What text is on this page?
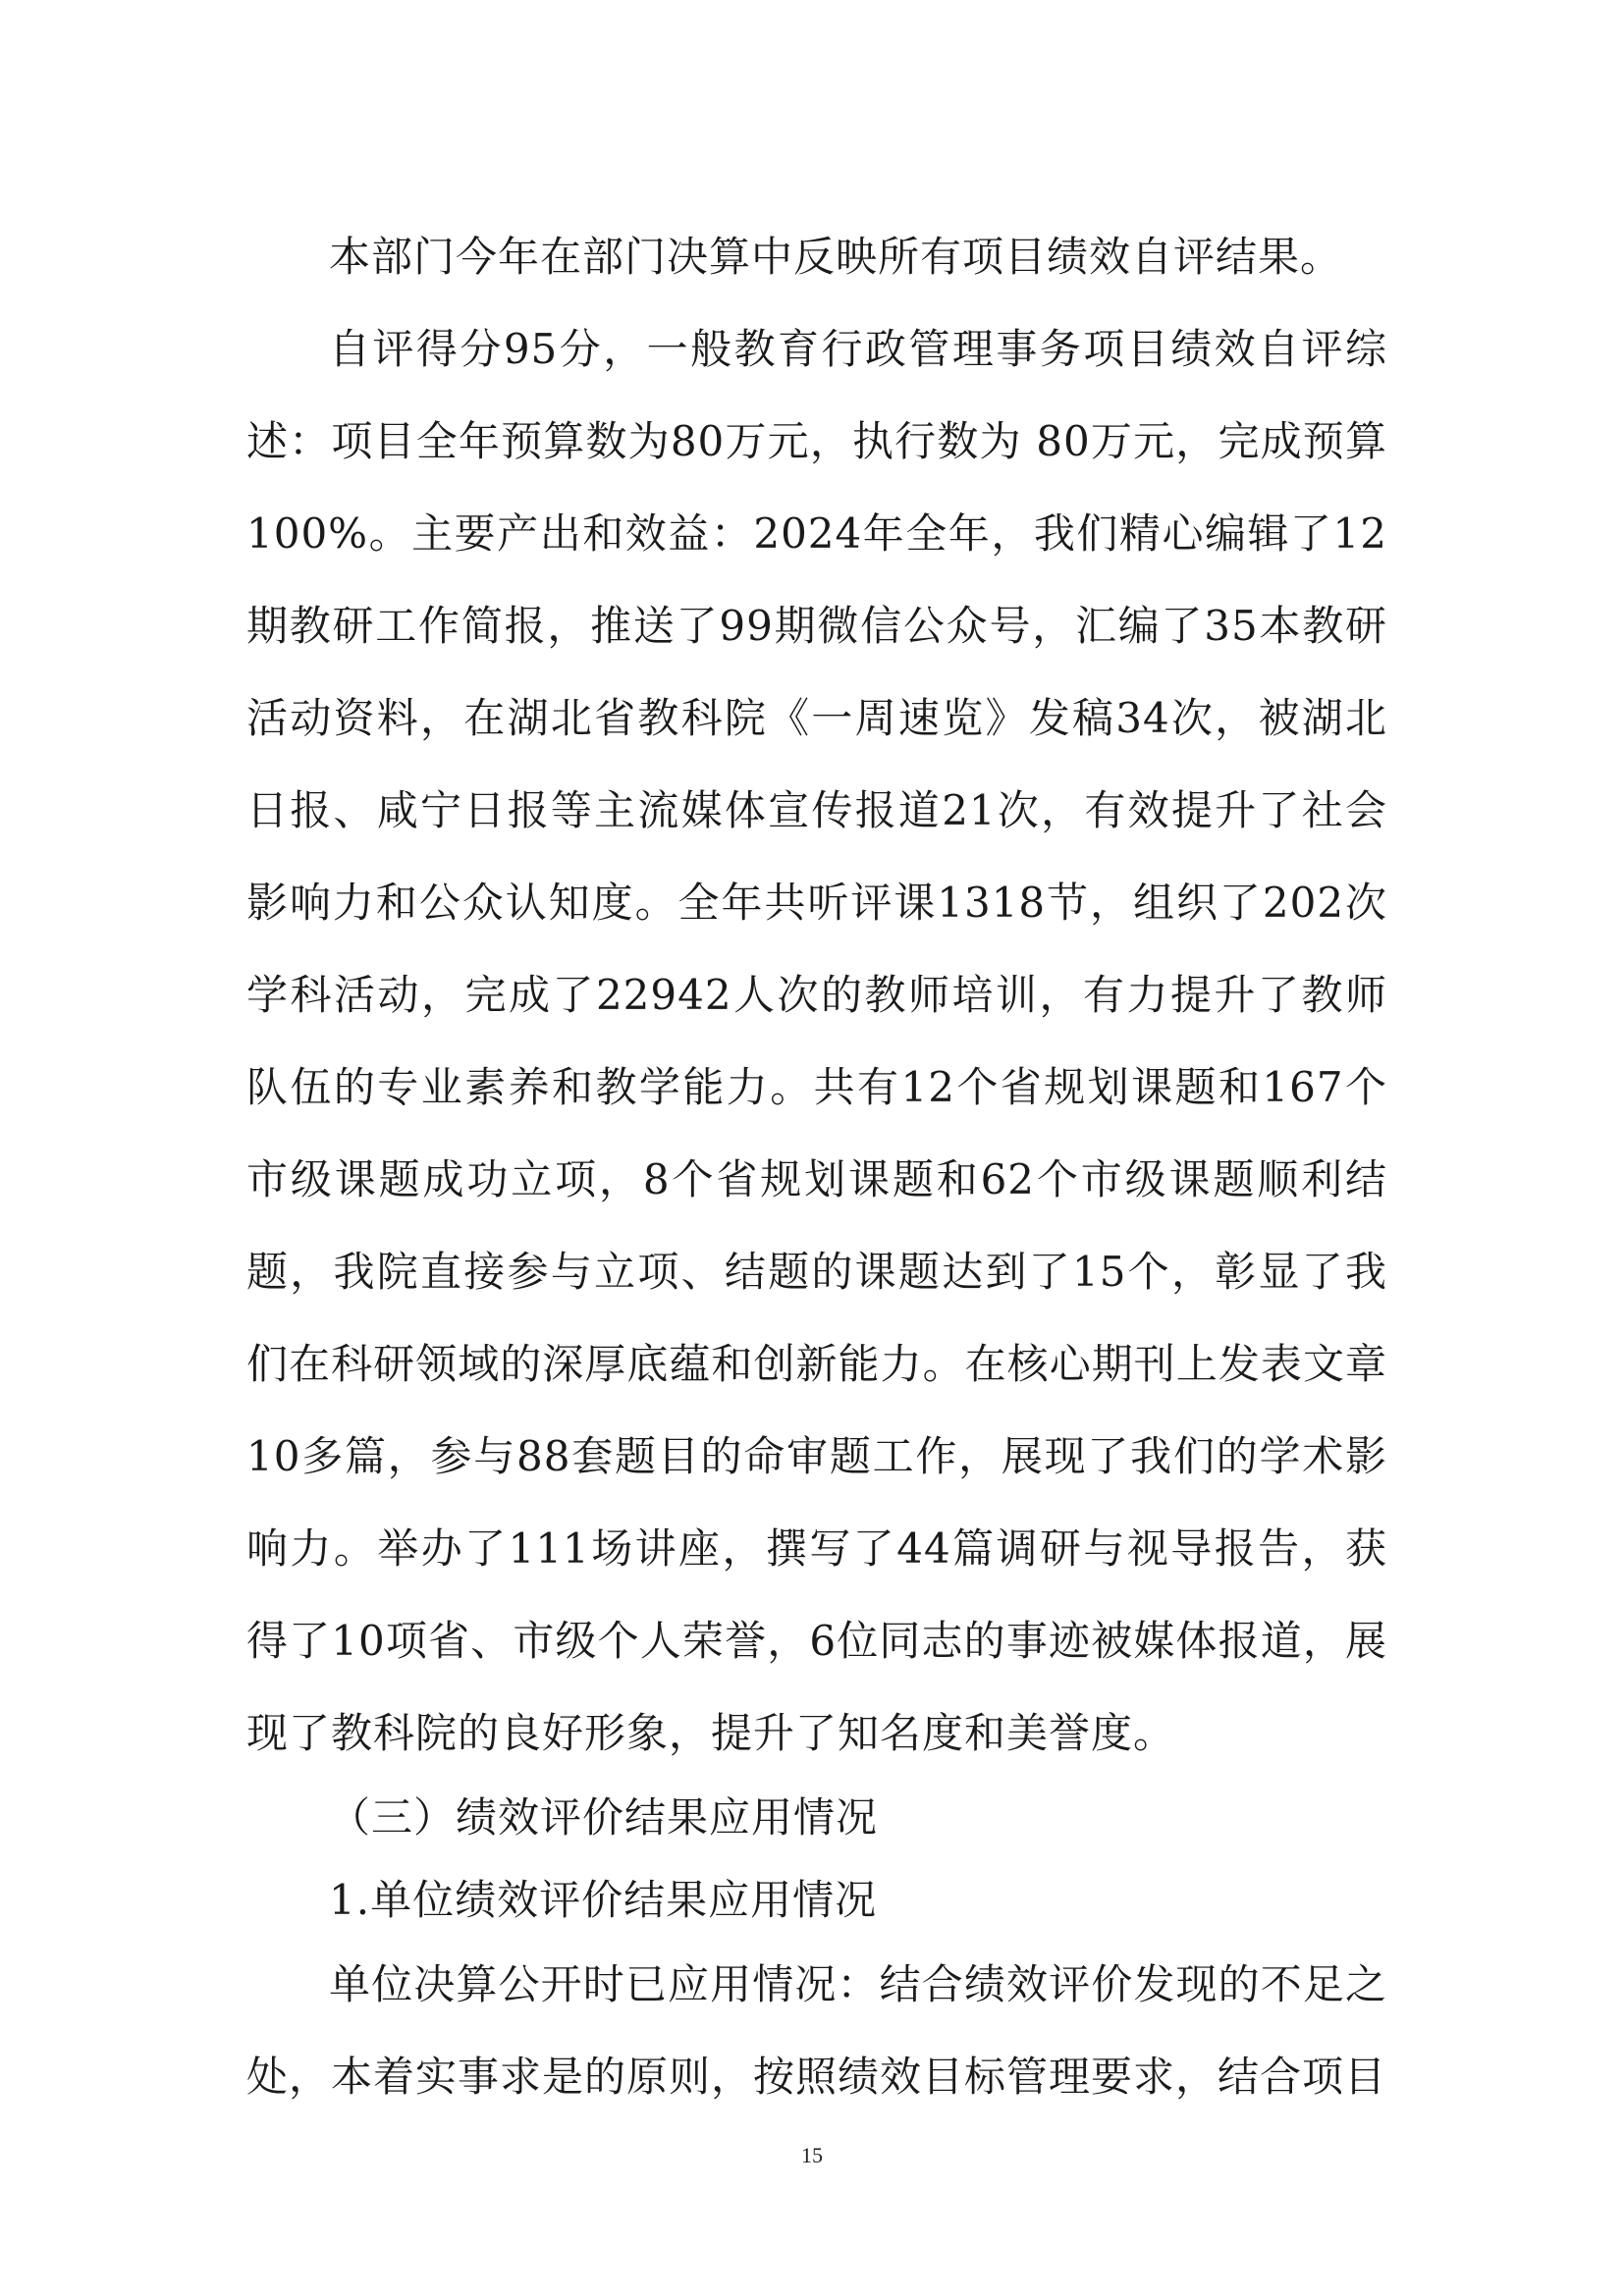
本部门今年在部门决算中反映所有项目绩效自评结果。

自评得分95分，一般教育行政管理事务项目绩效自评综述：项目全年预算数为80万元，执行数为 80万元，完成预算100%。主要产出和效益：2024年全年，我们精心编辑了12期教研工作简报，推送了99期微信公众号，汇编了35本教研活动资料，在湖北省教科院《一周速览》发稿34次，被湖北日报、咸宁日报等主流媒体宣传报道21次，有效提升了社会影响力和公众认知度。全年共听评课1318节，组织了202次学科活动，完成了22942人次的教师培训，有力提升了教师队伍的专业素养和教学能力。共有12个省规划课题和167个市级课题成功立项，8个省规划课题和62个市级课题顺利结题，我院直接参与立项、结题的课题达到了15个，彰显了我们在科研领域的深厚底蕴和创新能力。在核心期刊上发表文章10多篇，参与88套题目的命审题工作，展现了我们的学术影响力。举办了111场讲座，撰写了44篇调研与视导报告，获得了10项省、市级个人荣誉，6位同志的事迹被媒体报道，展现了教科院的良好形象，提升了知名度和美誉度。

（三）绩效评价结果应用情况

1.单位绩效评价结果应用情况

单位决算公开时已应用情况：结合绩效评价发现的不足之处，本着实事求是的原则，按照绩效目标管理要求，结合项目

15
